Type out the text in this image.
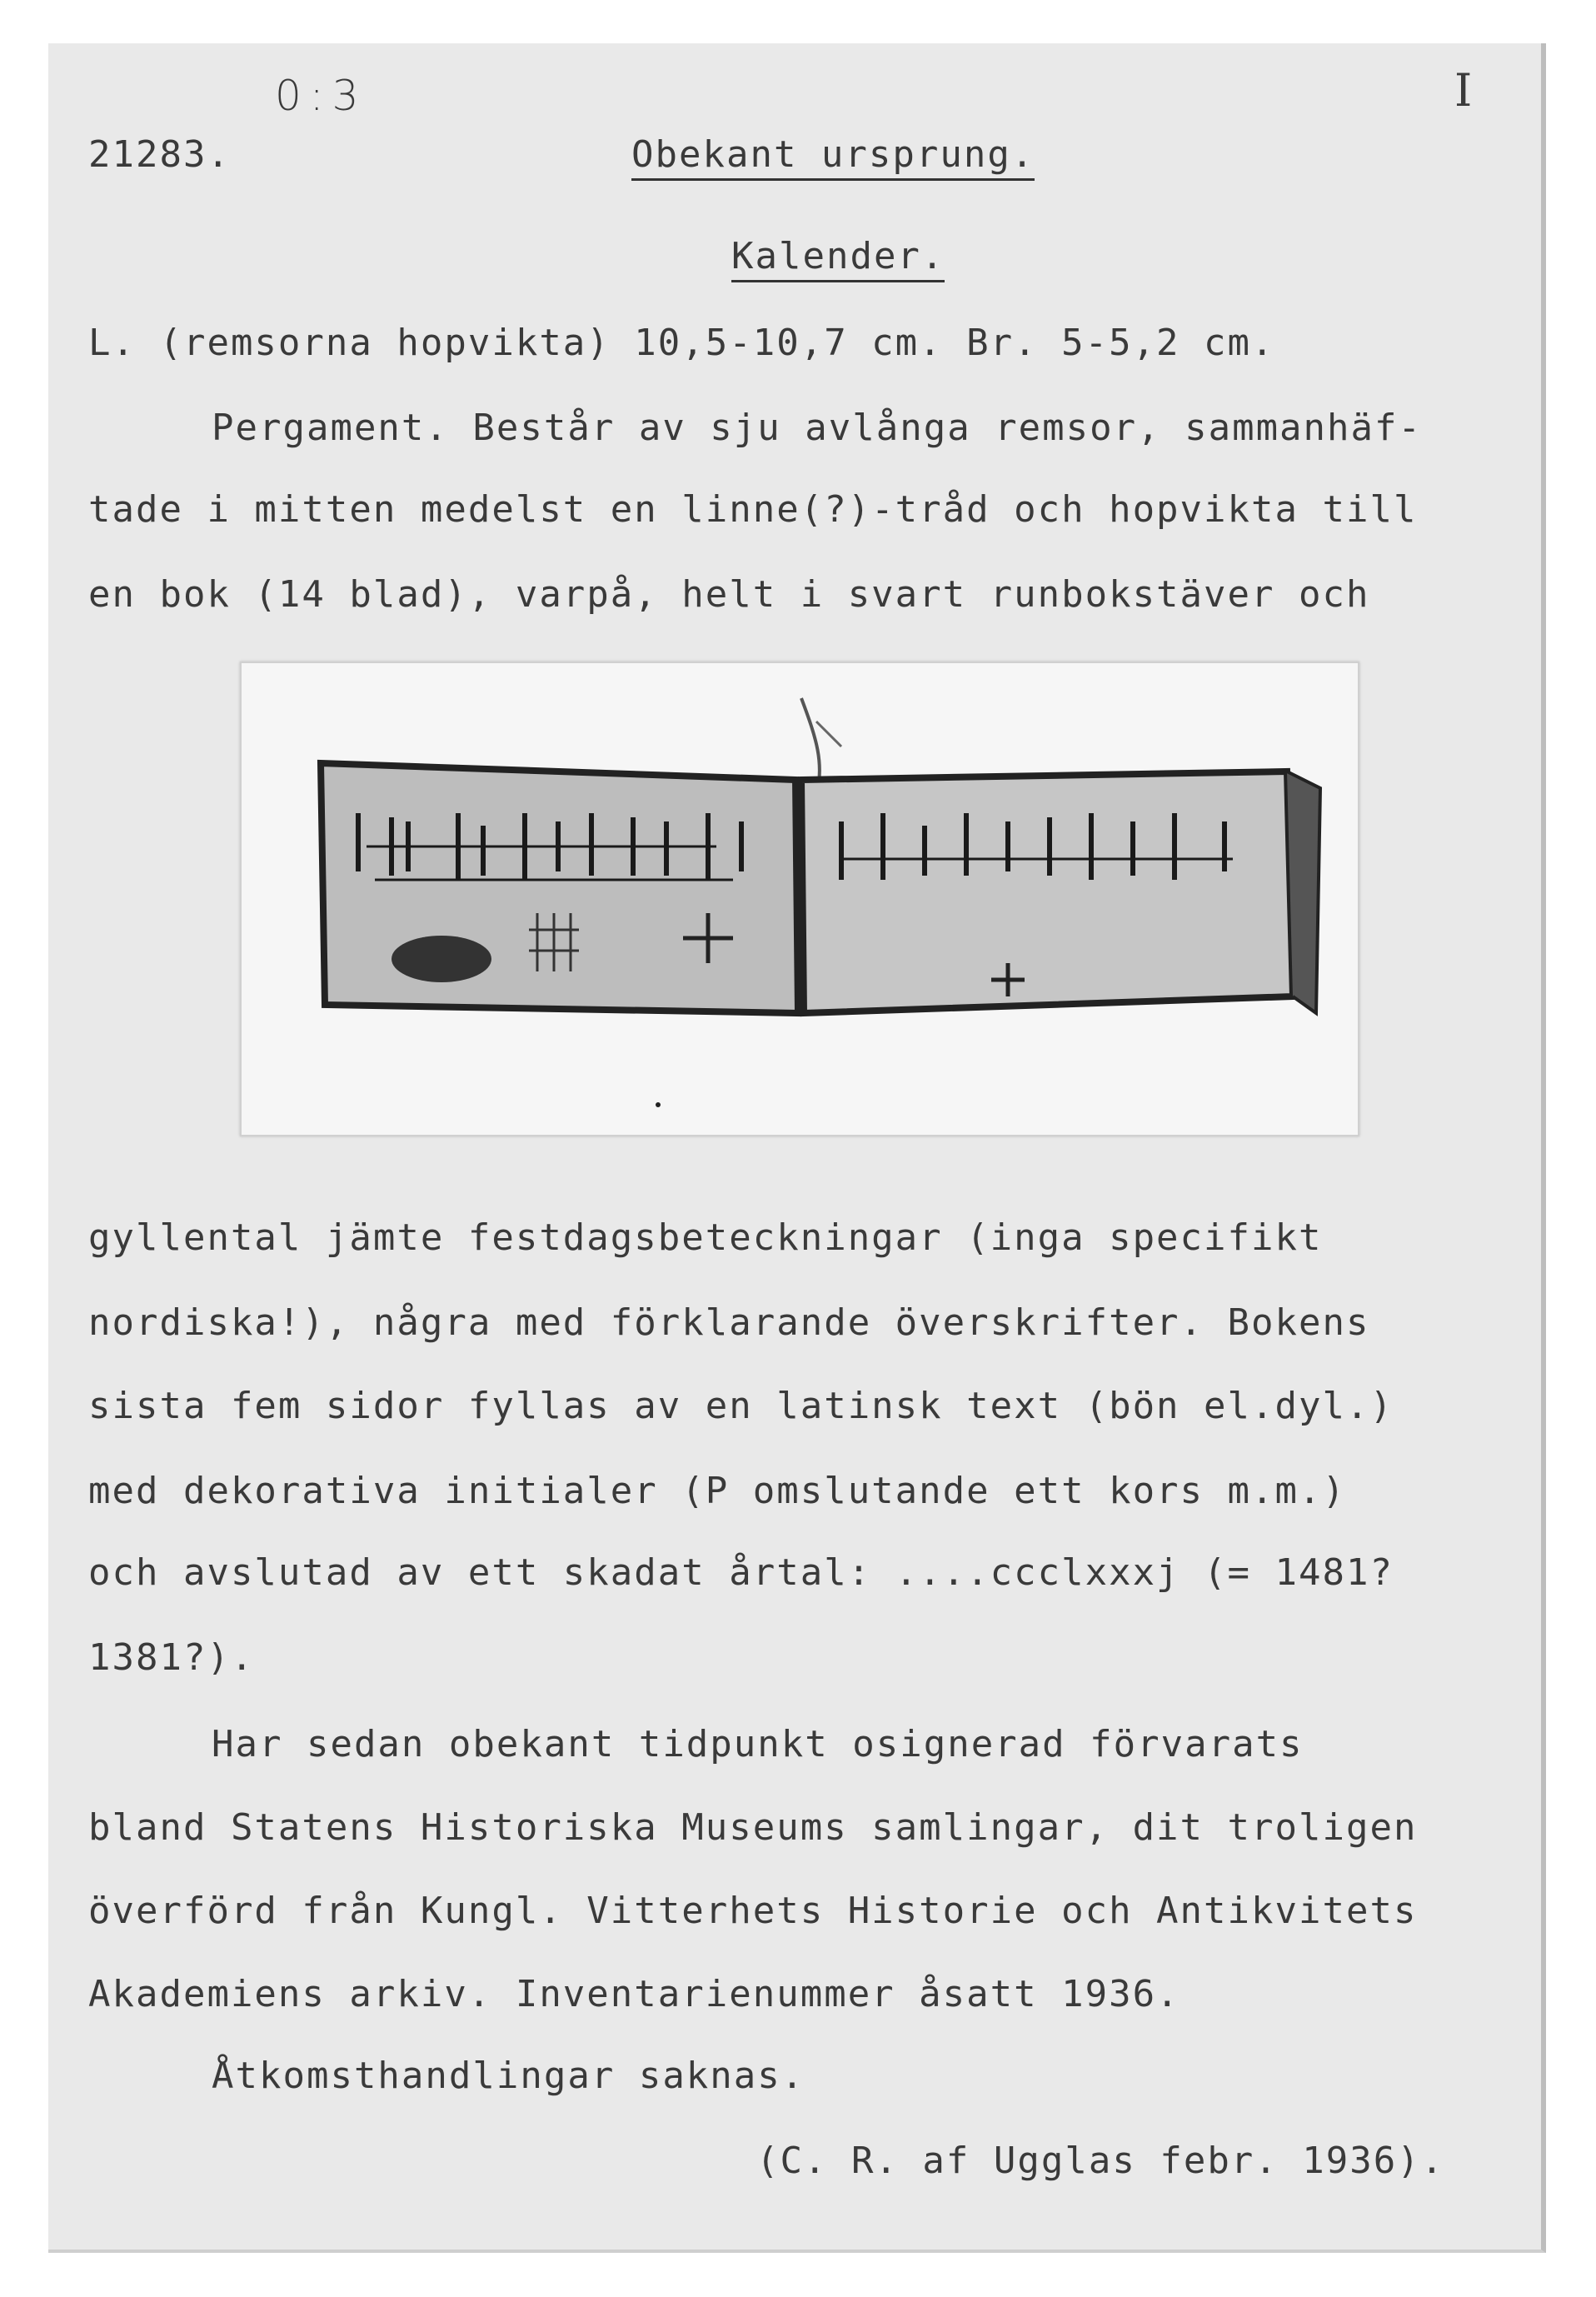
0:3	I
21283.	Obekant ursprung.
Kalender.
L. (remsorna hopvikta) 10,5-10,7 cm. Br. 5-5,2 cm.
Pergament. Består av sju avlånga remsor, sammanhäf-
tade i mitten medelst en linne(?)-tråd och hopvikta till
en bok (14 blad), varpå, helt i svart runbokstäver och
gyllental jämte festdagsbeteckningar (inga specifikt
nordiska!), några med förklarande överskrifter. Bokens
sista fem sidor fyllas av en latinsk text (bön el.dyl.)
med dekorativa initialer (P omslutande ett kors m.m.)
och avslutad av ett skadat årtal: ....ccclxxxj (= 1481?
1381?).
Har sedan obekant tidpunkt osignerad förvarats
bland Statens Historiska Museums samlingar, dit troligen
överförd från Kungl. Vitterhets Historie och Antikvitets
Akademiens arkiv. Inventarienummer åsatt 1936.
Åtkomsthandlingar saknas.
(C. R. af Ugglas febr. 1936).
